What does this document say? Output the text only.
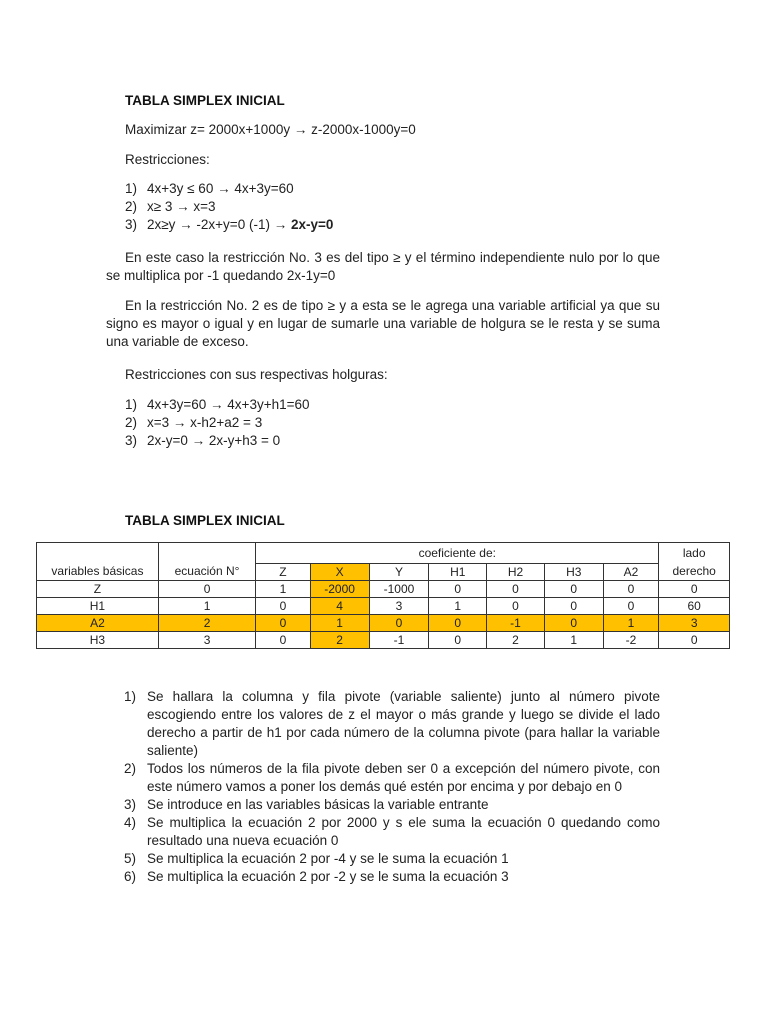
TABLA SIMPLEX INICIAL
Maximizar z= 2000x+1000y → z-2000x-1000y=0
Restricciones:
1) 4x+3y ≤ 60 → 4x+3y=60
2) x≥ 3 → x=3
3) 2x≥y → -2x+y=0 (-1) → 2x-y=0
En este caso la restricción No. 3 es del tipo ≥ y el término independiente nulo por lo que se multiplica por -1 quedando 2x-1y=0
En la restricción No. 2 es de tipo ≥ y a esta se le agrega una variable artificial ya que su signo es mayor o igual y en lugar de sumarle una variable de holgura se le resta y se suma una variable de exceso.
Restricciones con sus respectivas holguras:
1) 4x+3y=60 → 4x+3y+h1=60
2) x=3 → x-h2+a2 = 3
3) 2x-y=0 → 2x-y+h3 = 0
TABLA SIMPLEX INICIAL
		coeficiente de:							lado
variables básicas	ecuación N°	Z	X	Y	H1	H2	H3	A2	derecho
Z	0	1	-2000	-1000	0	0	0	0	0
H1	1	0	4	3	1	0	0	0	60
A2	2	0	1	0	0	-1	0	1	3
H3	3	0	2	-1	0	2	1	-2	0
1) Se hallara la columna y fila pivote (variable saliente) junto al número pivote escogiendo entre los valores de z el mayor o más grande y luego se divide el lado derecho a partir de h1 por cada número de la columna pivote (para hallar la variable saliente)
2) Todos los números de la fila pivote deben ser 0 a excepción del número pivote, con este número vamos a poner los demás qué estén por encima y por debajo en 0
3) Se introduce en las variables básicas la variable entrante
4) Se multiplica la ecuación 2 por 2000 y s ele suma la ecuación 0 quedando como resultado una nueva ecuación 0
5) Se multiplica la ecuación 2 por -4 y se le suma la ecuación 1
6) Se multiplica la ecuación 2 por -2 y se le suma la ecuación 3
